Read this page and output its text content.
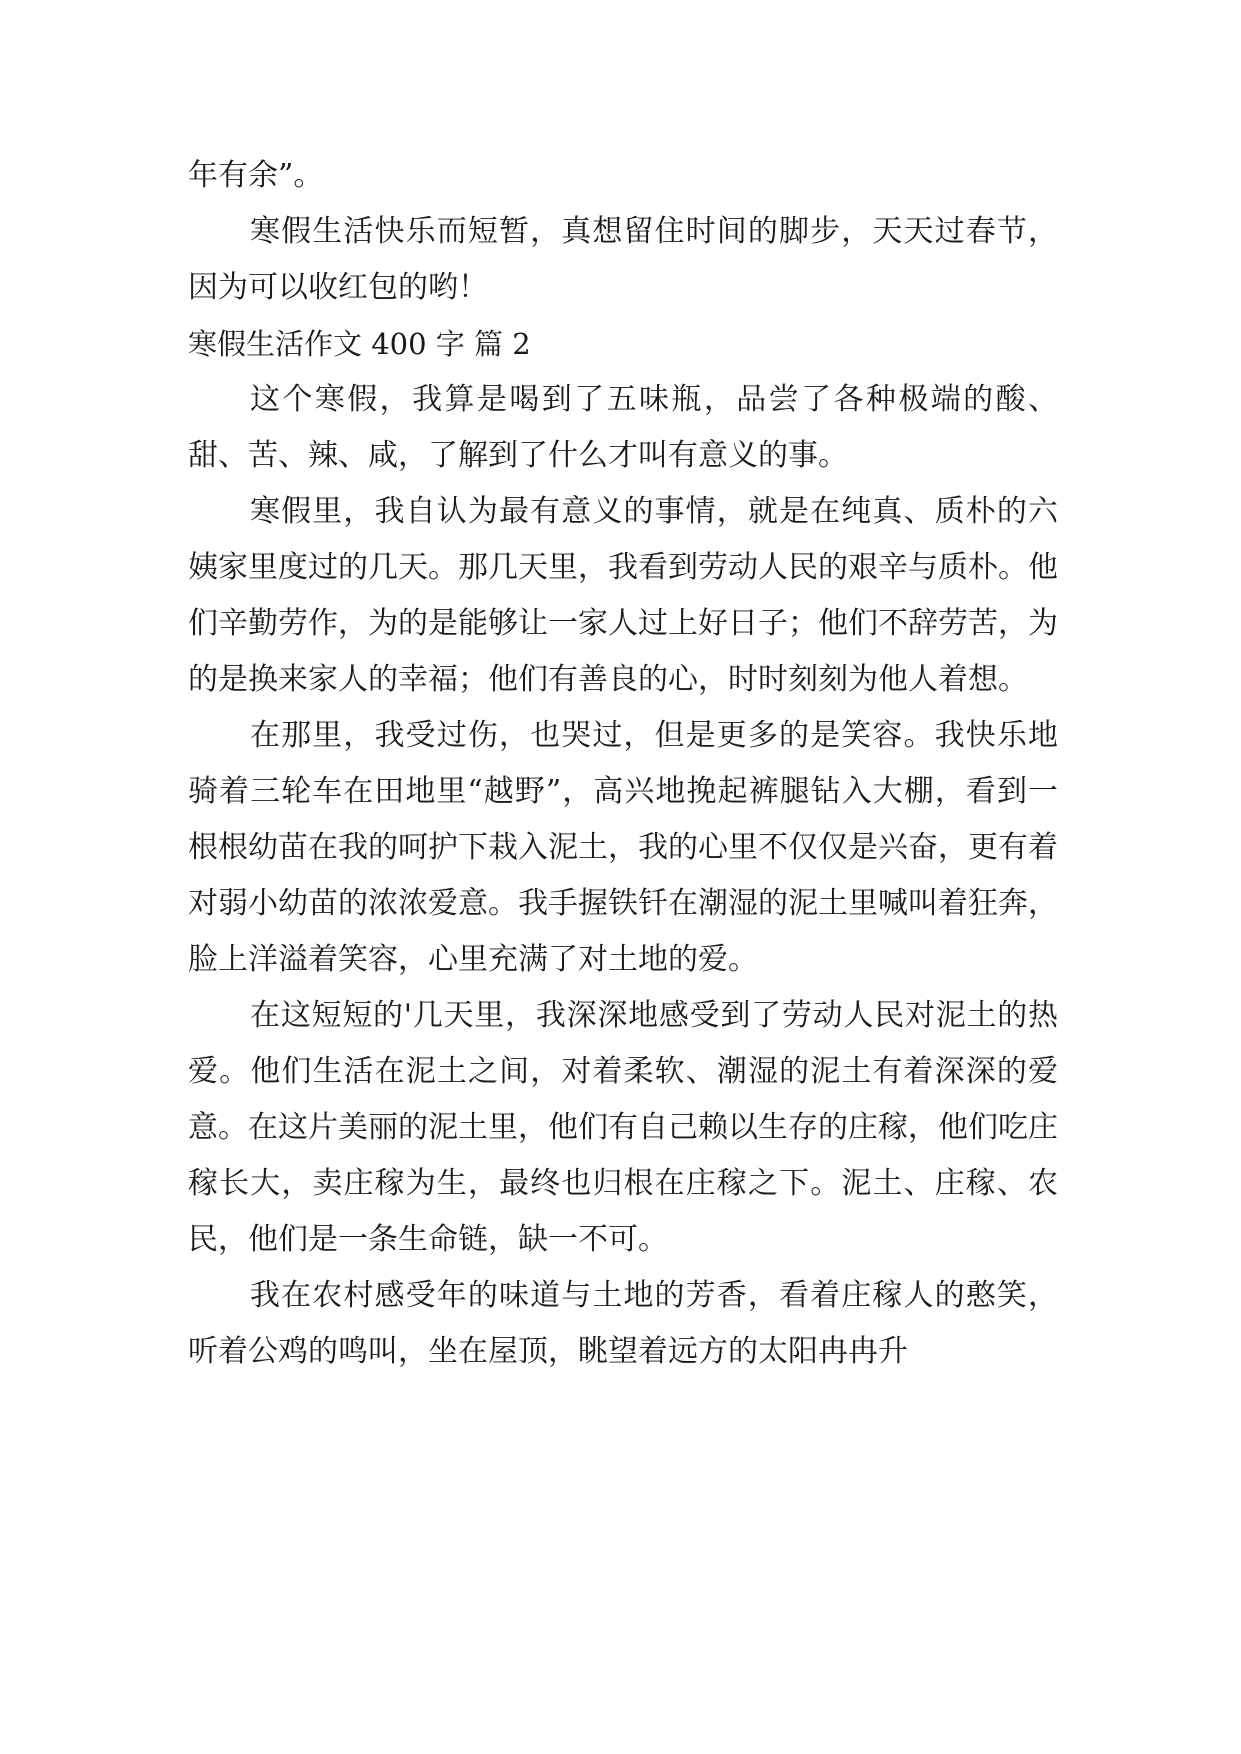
年有余”。

寒假生活快乐而短暂，真想留住时间的脚步，天天过春节，因为可以收红包的哟！

寒假生活作文 400 字 篇 2

这个寒假，我算是喝到了五味瓶，品尝了各种极端的酸、甜、苦、辣、咸，了解到了什么才叫有意义的事。

寒假里，我自认为最有意义的事情，就是在纯真、质朴的六姨家里度过的几天。那几天里，我看到劳动人民的艰辛与质朴。他们辛勤劳作，为的是能够让一家人过上好日子；他们不辞劳苦，为的是换来家人的幸福；他们有善良的心，时时刻刻为他人着想。

在那里，我受过伤，也哭过，但是更多的是笑容。我快乐地骑着三轮车在田地里“越野”，高兴地挽起裤腿钻入大棚，看到一根根幼苗在我的呵护下栽入泥土，我的心里不仅仅是兴奋，更有着对弱小幼苗的浓浓爱意。我手握铁钎在潮湿的泥土里喊叫着狂奔，脸上洋溢着笑容，心里充满了对土地的爱。

在这短短的'几天里，我深深地感受到了劳动人民对泥土的热爱。他们生活在泥土之间，对着柔软、潮湿的泥土有着深深的爱意。在这片美丽的泥土里，他们有自己赖以生存的庄稼，他们吃庄稼长大，卖庄稼为生，最终也归根在庄稼之下。泥土、庄稼、农民，他们是一条生命链，缺一不可。

我在农村感受年的味道与土地的芳香，看着庄稼人的憨笑，听着公鸡的鸣叫，坐在屋顶，眺望着远方的太阳冉冉升
